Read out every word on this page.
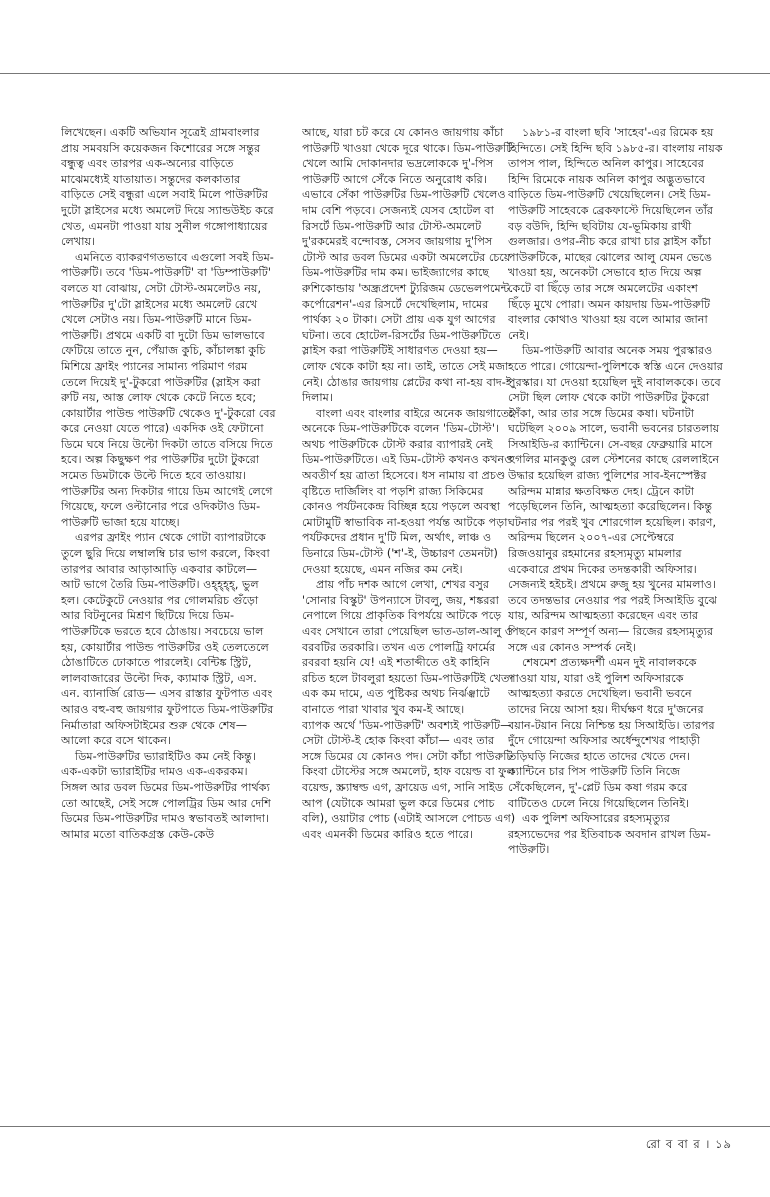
লিখেছেন। একটি অভিযান সূত্রেই গ্রামবাংলার প্রায় সমবয়সি কয়েকজন কিশোরের সঙ্গে সন্তুর বন্ধুত্ব এবং তারপর এক-অন্যের বাড়িতে মাঝেমধ্যেই যাতায়াত। সন্তুদের কলকাতার বাড়িতে সেই বন্ধুরা এলে সবাই মিলে পাউরুটির দুটো স্লাইসের মধ্যে অমলেট দিয়ে স্যান্ডউইচ করে খেত, এমনটা পাওয়া যায় সুনীল গঙ্গোপাধ্যায়ের লেখায়।

এমনিতে ব্যাকরণগতভাবে এগুলো সবই ডিম-পাউরুটি। তবে 'ডিম-পাউরুটি' বা 'ডিম্পাউরুটি' বলতে যা বোঝায়, সেটা টোস্ট-অমলেটও নয়, পাউরুটির দু'টো স্লাইসের মধ্যে অমলেট রেখে খেলে সেটাও নয়। ডিম-পাউরুটি মানে ডিম-পাউরুটি। প্রথমে একটি বা দুটো ডিম ভালভাবে ফেটিয়ে তাতে নুন, পেঁয়াজ কুচি, কাঁচালঙ্কা কুচি মিশিয়ে ফ্রাইং প্যানের সামান্য পরিমাণ গরম তেলে দিয়েই দু'-টুকরো পাউরুটির (স্লাইস করা রুটি নয়, আস্ত লোফ থেকে কেটে নিতে হবে; কোয়ার্টার পাউন্ড পাউরুটি থেকেও দু'-টুকরো বের করে নেওয়া যেতে পারে) একদিক ওই ফেটানো ডিমে ঘষে নিয়ে উল্টো দিকটা তাতে বসিয়ে দিতে হবে। অল্প কিছুক্ষণ পর পাউরুটির দুটো টুকরো সমেত ডিমটাকে উল্টে দিতে হবে তাওয়ায়। পাউরুটির অন্য দিকটার গায়ে ডিম আগেই লেগে গিয়েছে, ফলে ওল্টানোর পরে ওদিকটাও ডিম-পাউরুটি ভাজা হয়ে যাচ্ছে।

এরপর ফ্রাইং প্যান থেকে গোটা ব্যাপারটাকে তুলে ছুরি দিয়ে লম্বালম্বি চার ভাগ করলে, কিংবা তারপর আবার আড়াআড়ি একবার কাটলে— আট ভাগে তৈরি ডিম-পাউরুটি। ওহ্হ্হ্হ্, ভুল হল। কেটেকুটে নেওয়ার পর গোলমরিচ গুঁড়ো আর বিটনুনের মিশ্রণ ছিটিয়ে দিয়ে ডিম-পাউরুটিকে ভরতে হবে ঠোঙায়। সবচেয়ে ভাল হয়, কোয়ার্টার পাউন্ড পাউরুটির ওই তেলতেলে ঠোঙাটিতে ঢোকাতে পারলেই। বেন্টিঙ্ক স্ট্রিট, লালবাজারের উল্টো দিক, ক্যামাক স্ট্রিট, এস. এন. ব্যানার্জি রোড— এসব রাস্তার ফুটপাত এবং আরও বহু-বহু জায়গার ফুটপাতে ডিম-পাউরুটির নির্মাতারা অফিসটাইমের শুরু থেকে শেষ— আলো করে বসে থাকেন।

ডিম-পাউরুটির ভ্যারাইটিও কম নেই কিন্তু। এক-একটা ভ্যারাইটির দামও এক-একরকম। সিঙ্গল আর ডবল ডিমের ডিম-পাউরুটির পার্থক্য তো আছেই, সেই সঙ্গে পোলট্রির ডিম আর দেশি ডিমের ডিম-পাউরুটির দামও স্বভাবতই আলাদা। আমার মতো বাতিকগ্রস্ত কেউ-কেউ

আছে, যারা চট করে যে কোনও জায়গায় কাঁচা পাউরুটি খাওয়া থেকে দূরে থাকে। ডিম-পাউরুটি খেলে আমি দোকানদার ভদ্রলোককে দু'-পিস পাউরুটি আগে সেঁকে নিতে অনুরোধ করি। এভাবে সেঁকা পাউরুটির ডিম-পাউরুটি খেলেও দাম বেশি পড়বে। সেজন্যই যেসব হোটেল বা রিসর্টে ডিম-পাউরুটি আর টোস্ট-অমলেট দু'রকমেরই বন্দোবস্ত, সেসব জায়গায় দু'পিস টোস্ট আর ডবল ডিমের একটা অমলেটের চেয়ে ডিম-পাউরুটির দাম কম। ভাইজ্যাগের কাছে রুশিকোন্ডায় 'অন্ধ্রপ্রদেশ ট্যুরিজম ডেভেলপমেন্ট কর্পোরেশন'-এর রিসর্টে দেখেছিলাম, দামের পার্থক্য ২০ টাকা। সেটা প্রায় এক যুগ আগের ঘটনা। তবে হোটেল-রিসর্টের ডিম-পাউরুটিতে স্লাইস করা পাউরুটিই সাধারণত দেওয়া হয়— লোফ থেকে কাটা হয় না। তাই, তাতে সেই মজা নেই। ঠোঙার জায়গায় প্লেটের কথা না-হয় বাদ-ই দিলাম।

বাংলা এবং বাংলার বাইরে অনেক জায়গাতেই অনেকে ডিম-পাউরুটিকে বলেন 'ডিম-টোস্ট'। অথচ পাউরুটিকে টোস্ট করার ব্যাপারই নেই ডিম-পাউরুটিতে। এই ডিম-টোস্ট কখনও কখনও অবতীর্ণ হয় ত্রাতা হিসেবে। ধস নামায় বা প্রচণ্ড বৃষ্টিতে দার্জিলিং বা পড়শি রাজ্য সিকিমের কোনও পর্যটনকেন্দ্র বিচ্ছিন্ন হয়ে পড়লে অবস্থা মোটামুটি স্বাভাবিক না-হওয়া পর্যন্ত আটকে পড়া পর্যটকদের প্রধান দু'টি মিল, অর্থাৎ, লাঞ্চ ও ডিনারে ডিম-টোস্ট ('শ'-ই, উচ্চারণ তেমনটা) দেওয়া হয়েছে, এমন নজির কম নেই।

প্রায় পাঁচ দশক আগে লেখা, শেখর বসুর 'সোনার বিস্কুট' উপন্যাসে টাবলু, জয়, শঙ্কররা নেপালে গিয়ে প্রাকৃতিক বিপর্যয়ে আটকে পড়ে এবং সেখানে তারা পেয়েছিল ভাত-ডাল-আলু ও বরবটির তরকারি। তখন এত পোলট্রি ফার্মের রবরবা হয়নি যে! এই শতাব্দীতে ওই কাহিনি রচিত হলে টাবলুরা হয়তো ডিম-পাউরুটিই খেত। এক কম দামে, এত পুষ্টিকর অথচ নির্ঝঞ্ঝাটে বানাতে পারা খাবার খুব কম-ই আছে।

ব্যাপক অর্থে 'ডিম-পাউরুটি' অবশ্যই পাউরুটি— সেটা টোস্ট-ই হোক কিংবা কাঁচা— এবং তার সঙ্গে ডিমের যে কোনও পদ। সেটা কাঁচা পাউরুটি কিংবা টোস্টের সঙ্গে অমলেট, হাফ বয়েল্ড বা ফুল বয়েল্ড, স্ক্র্যাম্বল্ড এগ, ফ্রায়েড এগ, সানি সাইড আপ (যেটাকে আমরা ভুল করে ডিমের পোচ বলি), ওয়াটার পোচ (এটাই আসলে পোচড এগ) এবং এমনকী ডিমের কারিও হতে পারে।

১৯৮১-র বাংলা ছবি 'সাহেব'-এর রিমেক হয় হিন্দিতে। সেই হিন্দি ছবি ১৯৮৫-র। বাংলায় নায়ক তাপস পাল, হিন্দিতে অনিল কাপুর। সাহেবের হিন্দি রিমেকে নায়ক অনিল কাপুর অদ্ভুতভাবে বাড়িতে ডিম-পাউরুটি খেয়েছিলেন। সেই ডিম-পাউরুটি সাহেবকে ব্রেকফাস্টে দিয়েছিলেন তাঁর বড় বউদি, হিন্দি ছবিটায় যে-ভূমিকায় রাখী গুলজার। ওপর-নীচ করে রাখা চার স্লাইস কাঁচা পাউরুটিকে, মাছের ঝোলের আলু যেমন ভেঙে খাওয়া হয়, অনেকটা সেভাবে হাত দিয়ে অল্প কেটে বা ছিঁড়ে তার সঙ্গে অমলেটের একাংশ ছিঁড়ে মুখে পোরা। অমন কায়দায় ডিম-পাউরুটি বাংলার কোথাও খাওয়া হয় বলে আমার জানা নেই।

ডিম-পাউরুটি আবার অনেক সময় পুরস্কারও হতে পারে। গোয়েন্দা-পুলিশকে স্বস্তি এনে দেওয়ার পুরস্কার। যা দেওয়া হয়েছিল দুই নাবালককে। তবে সেটা ছিল লোফ থেকে কাটা পাউরুটির টুকরো সেঁকা, আর তার সঙ্গে ডিমের কষা। ঘটনাটা ঘটেছিল ২০০৯ সালে, ভবানী ভবনের চারতলায় সিআইডি-র ক্যান্টিনে। সে-বছর ফেব্রুয়ারি মাসে হুগলির মানকুণ্ডু রেল স্টেশনের কাছে রেললাইনে উদ্ধার হয়েছিল রাজ্য পুলিশের সাব-ইনস্পেক্টর অরিন্দম মান্নার ক্ষতবিক্ষত দেহ। ট্রেনে কাটা পড়েছিলেন তিনি, আত্মহত্যা করেছিলেন। কিন্তু ঘটনার পর পরই খুব শোরগোল হয়েছিল। কারণ, অরিন্দম ছিলেন ২০০৭-এর সেপ্টেম্বরে রিজওয়ানুর রহমানের রহস্যমৃত্যু মামলার একেবারে প্রথম দিকের তদন্তকারী অফিসার। সেজন্যই হইচই। প্রথমে রুজু হয় খুনের মামলাও। তবে তদন্তভার নেওয়ার পর পরই সিআইডি বুঝে যায়, অরিন্দম আত্মহত্যা করেছেন এবং তার পিছনে কারণ সম্পূর্ণ অন্য— রিজের রহস্যমৃত্যুর সঙ্গে এর কোনও সম্পর্ক নেই।

শেষমেশ প্রত্যক্ষদর্শী এমন দুই নাবালককে পাওয়া যায়, যারা ওই পুলিশ অফিসারকে আত্মহত্যা করতে দেখেছিল। ভবানী ভবনে তাদের নিয়ে আসা হয়। দীর্ঘক্ষণ ধরে দু'জনের বয়ান-টয়ান নিয়ে নিশ্চিন্ত হয় সিআইডি। তারপর দুঁদে গোয়েন্দা অফিসার অর্ধেন্দুশেখর পাহাড়ী তড়িঘড়ি নিজের হাতে তাদের খেতে দেন। ক্যান্টিনে চার পিস পাউরুটি তিনি নিজে সেঁকেছিলেন, দু'-প্লেট ডিম কষা গরম করে বাটিতেও ঢেলে নিয়ে গিয়েছিলেন তিনিই।

এক পুলিশ অফিসারের রহস্যমৃত্যুর রহস্যভেদের পর ইতিবাচক অবদান রাখল ডিম-পাউরুটি।

রো ব বা র । ১৯
